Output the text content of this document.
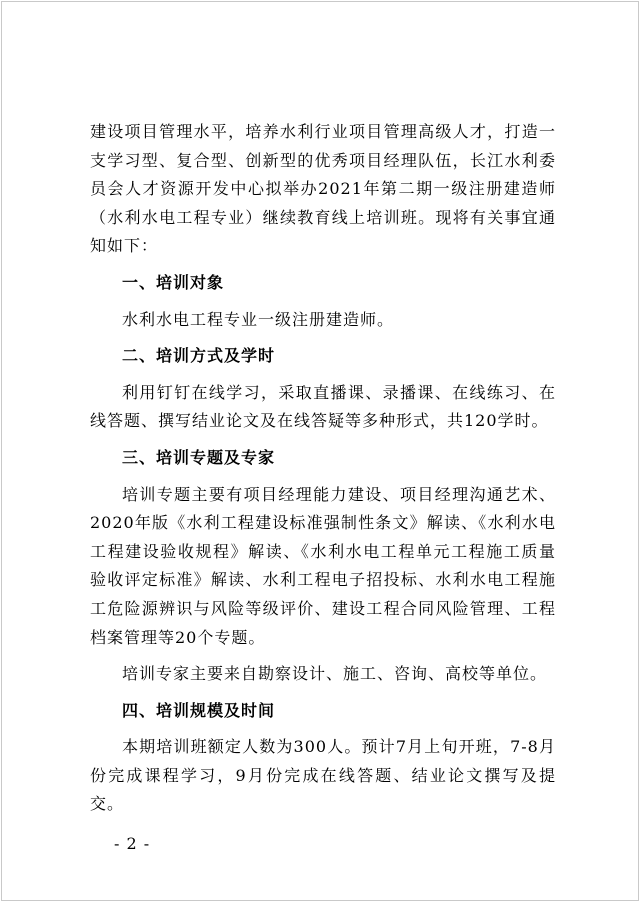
建设项目管理水平，培养水利行业项目管理高级人才，打造一支学习型、复合型、创新型的优秀项目经理队伍，长江水利委员会人才资源开发中心拟举办2021年第二期一级注册建造师（水利水电工程专业）继续教育线上培训班。现将有关事宜通知如下：

一、培训对象

水利水电工程专业一级注册建造师。

二、培训方式及学时

利用钉钉在线学习，采取直播课、录播课、在线练习、在线答题、撰写结业论文及在线答疑等多种形式，共120学时。

三、培训专题及专家

培训专题主要有项目经理能力建设、项目经理沟通艺术、2020年版《水利工程建设标准强制性条文》解读、《水利水电工程建设验收规程》解读、《水利水电工程单元工程施工质量验收评定标准》解读、水利工程电子招投标、水利水电工程施工危险源辨识与风险等级评价、建设工程合同风险管理、工程档案管理等20个专题。

培训专家主要来自勘察设计、施工、咨询、高校等单位。

四、培训规模及时间

本期培训班额定人数为300人。预计7月上旬开班，7-8月份完成课程学习，9月份完成在线答题、结业论文撰写及提交。

- 2 -
